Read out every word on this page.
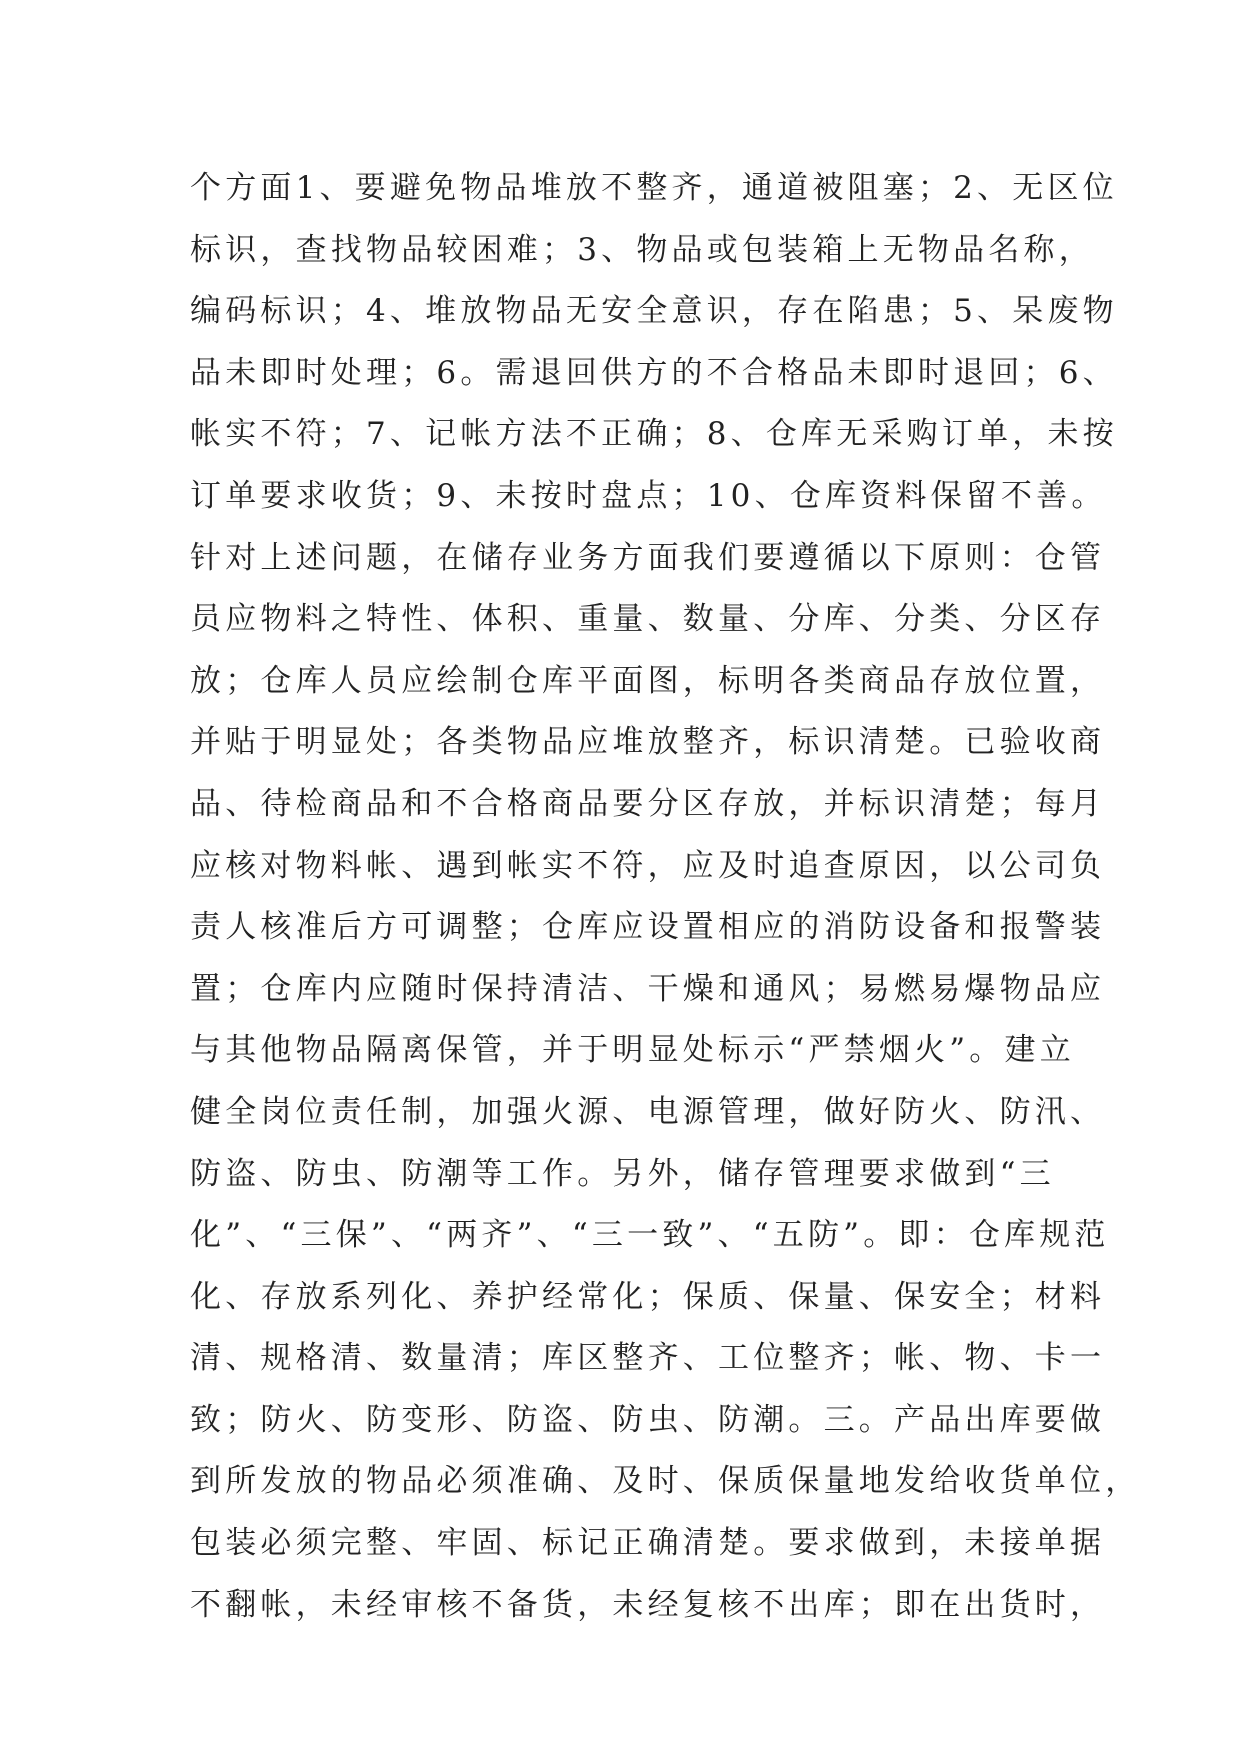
个方面1、要避免物品堆放不整齐，通道被阻塞；2、无区位
标识，查找物品较困难；3、物品或包装箱上无物品名称，
编码标识；4、堆放物品无安全意识，存在陷患；5、呆废物
品未即时处理；6。需退回供方的不合格品未即时退回；6、
帐实不符；7、记帐方法不正确；8、仓库无采购订单，未按
订单要求收货；9、未按时盘点；10、仓库资料保留不善。
针对上述问题，在储存业务方面我们要遵循以下原则：仓管
员应物料之特性、体积、重量、数量、分库、分类、分区存
放；仓库人员应绘制仓库平面图，标明各类商品存放位置，
并贴于明显处；各类物品应堆放整齐，标识清楚。已验收商
品、待检商品和不合格商品要分区存放，并标识清楚；每月
应核对物料帐、遇到帐实不符，应及时追查原因，以公司负
责人核准后方可调整；仓库应设置相应的消防设备和报警装
置；仓库内应随时保持清洁、干燥和通风；易燃易爆物品应
与其他物品隔离保管，并于明显处标示“严禁烟火”。建立
健全岗位责任制，加强火源、电源管理，做好防火、防汛、
防盗、防虫、防潮等工作。另外，储存管理要求做到“三
化”、“三保”、“两齐”、“三一致”、“五防”。即：仓库规范
化、存放系列化、养护经常化；保质、保量、保安全；材料
清、规格清、数量清；库区整齐、工位整齐；帐、物、卡一
致；防火、防变形、防盗、防虫、防潮。三。产品出库要做
到所发放的物品必须准确、及时、保质保量地发给收货单位，
包装必须完整、牢固、标记正确清楚。要求做到，未接单据
不翻帐，未经审核不备货，未经复核不出库；即在出货时，
